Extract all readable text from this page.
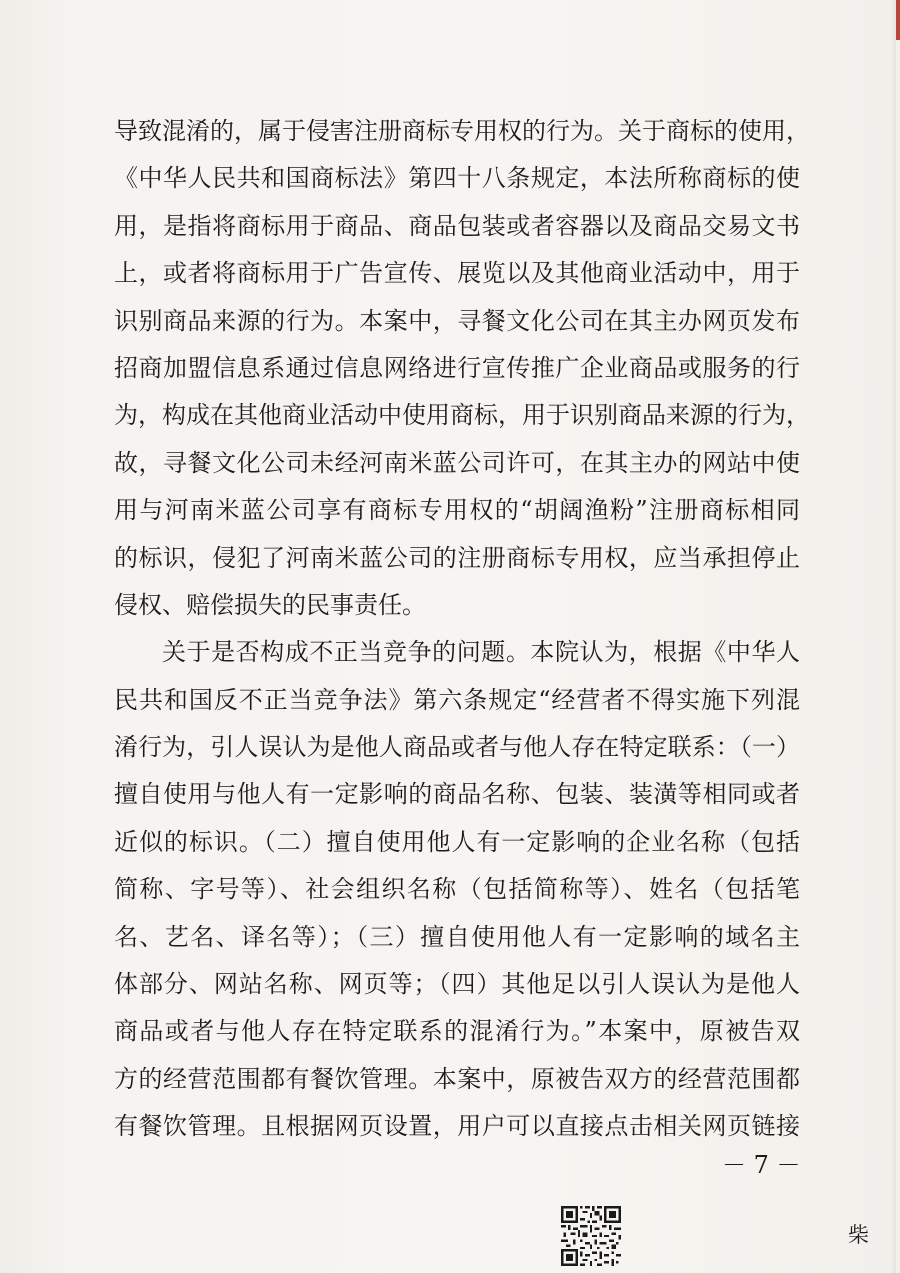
导致混淆的，属于侵害注册商标专用权的行为。关于商标的使用，
《中华人民共和国商标法》第四十八条规定，本法所称商标的使
用，是指将商标用于商品、商品包装或者容器以及商品交易文书
上，或者将商标用于广告宣传、展览以及其他商业活动中，用于
识别商品来源的行为。本案中，寻餐文化公司在其主办网页发布
招商加盟信息系通过信息网络进行宣传推广企业商品或服务的行
为，构成在其他商业活动中使用商标，用于识别商品来源的行为，
故，寻餐文化公司未经河南米蓝公司许可，在其主办的网站中使
用与河南米蓝公司享有商标专用权的“胡阔渔粉”注册商标相同
的标识，侵犯了河南米蓝公司的注册商标专用权，应当承担停止
侵权、赔偿损失的民事责任。
关于是否构成不正当竞争的问题。本院认为，根据《中华人
民共和国反不正当竞争法》第六条规定“经营者不得实施下列混
淆行为，引人误认为是他人商品或者与他人存在特定联系：（一）
擅自使用与他人有一定影响的商品名称、包装、装潢等相同或者
近似的标识。（二）擅自使用他人有一定影响的企业名称（包括
简称、字号等）、社会组织名称（包括简称等）、姓名（包括笔
名、艺名、译名等）；（三）擅自使用他人有一定影响的域名主
体部分、网站名称、网页等；（四）其他足以引人误认为是他人
商品或者与他人存在特定联系的混淆行为。”本案中，原被告双
方的经营范围都有餐饮管理。本案中，原被告双方的经营范围都
有餐饮管理。且根据网页设置，用户可以直接点击相关网页链接
－ 7 －
柴
